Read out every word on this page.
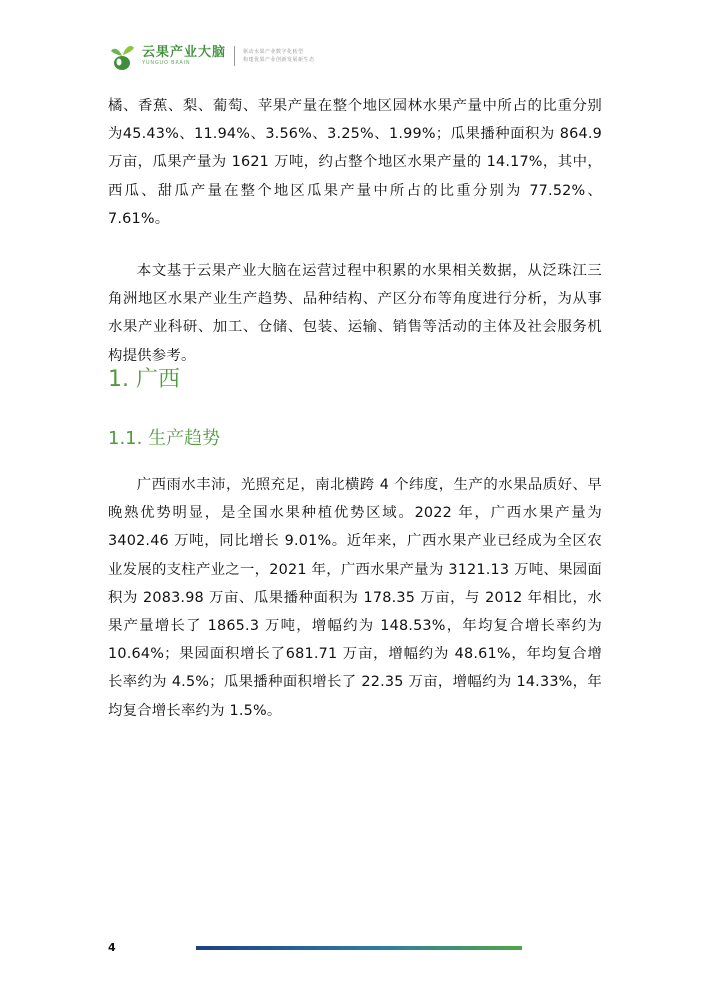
云果产业大脑
YUNGUO BRAIN
驱动水果产业数字化转型
构建优果产业创新发展新生态

橘、香蕉、梨、葡萄、苹果产量在整个地区园林水果产量中所占的比重分别为45.43%、11.94%、3.56%、3.25%、1.99%；瓜果播种面积为 864.9 万亩，瓜果产量为 1621 万吨，约占整个地区水果产量的 14.17%，其中，西瓜、甜瓜产量在整个地区瓜果产量中所占的比重分别为 77.52%、7.61%。

本文基于云果产业大脑在运营过程中积累的水果相关数据，从泛珠江三角洲地区水果产业生产趋势、品种结构、产区分布等角度进行分析，为从事水果产业科研、加工、仓储、包装、运输、销售等活动的主体及社会服务机构提供参考。

1. 广西
1.1. 生产趋势

广西雨水丰沛，光照充足，南北横跨 4 个纬度，生产的水果品质好、早晚熟优势明显，是全国水果种植优势区域。2022 年，广西水果产量为 3402.46 万吨，同比增长 9.01%。近年来，广西水果产业已经成为全区农业发展的支柱产业之一，2021 年，广西水果产量为 3121.13 万吨、果园面积为 2083.98 万亩、瓜果播种面积为 178.35 万亩，与 2012 年相比，水果产量增长了 1865.3 万吨，增幅约为 148.53%，年均复合增长率约为 10.64%；果园面积增长了681.71 万亩，增幅约为 48.61%，年均复合增长率约为 4.5%；瓜果播种面积增长了 22.35 万亩，增幅约为 14.33%，年均复合增长率约为 1.5%。

4
